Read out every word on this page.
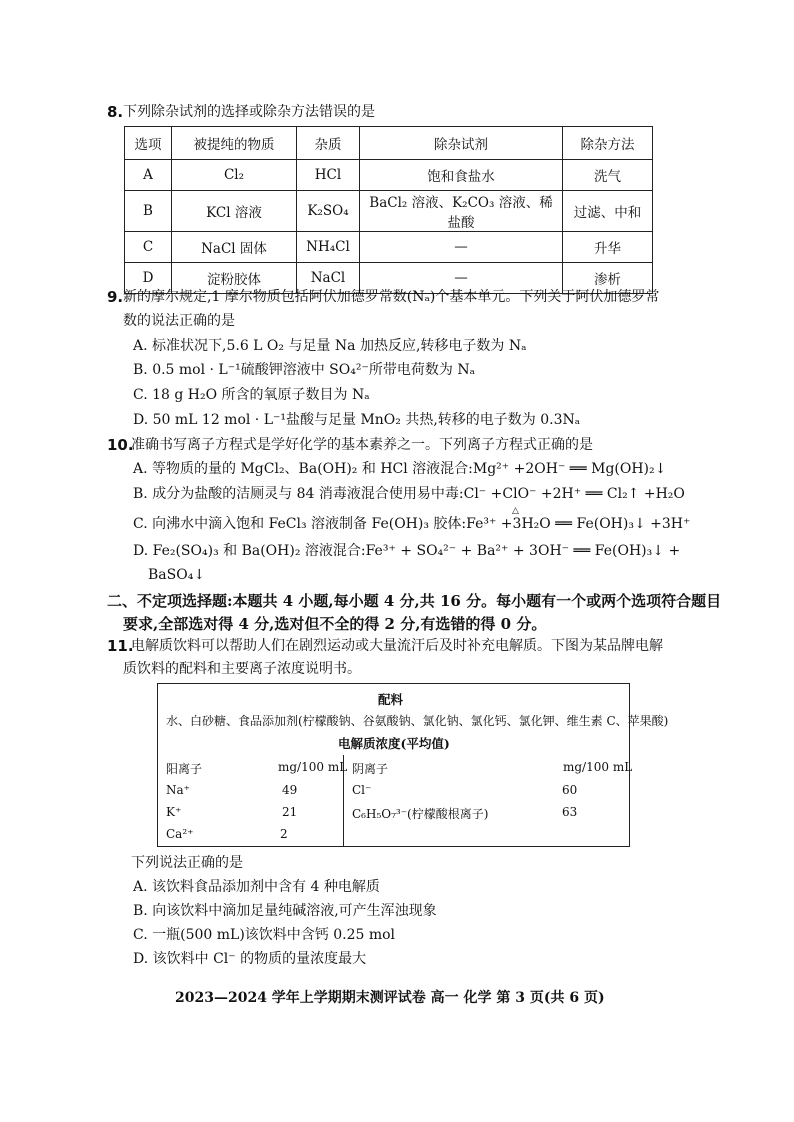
8. 下列除杂试剂的选择或除杂方法错误的是
选项	被提纯的物质	杂质	除杂试剂	除杂方法
A	Cl₂	HCl	饱和食盐水	洗气
B	KCl 溶液	K₂SO₄	BaCl₂ 溶液、K₂CO₃ 溶液、稀盐酸	过滤、中和
C	NaCl 固体	NH₄Cl	—	升华
D	淀粉胶体	NaCl	—	渗析
9. 新的摩尔规定,1 摩尔物质包括阿伏加德罗常数(Nₐ)个基本单元。下列关于阿伏加德罗常
数的说法正确的是
A. 标准状况下,5.6 L O₂ 与足量 Na 加热反应,转移电子数为 Nₐ
B. 0.5 mol · L⁻¹硫酸钾溶液中 SO₄²⁻所带电荷数为 Nₐ
C. 18 g H₂O 所含的氧原子数目为 Nₐ
D. 50 mL 12 mol · L⁻¹盐酸与足量 MnO₂ 共热,转移的电子数为 0.3Nₐ
10.
准确书写离子方程式是学好化学的基本素养之一。下列离子方程式正确的是
A. 等物质的量的 MgCl₂、Ba(OH)₂ 和 HCl 溶液混合:Mg²⁺ +2OH⁻ ══ Mg(OH)₂↓
B. 成分为盐酸的洁厕灵与 84 消毒液混合使用易中毒:Cl⁻ +ClO⁻ +2H⁺ ══ Cl₂↑ +H₂O
△
C. 向沸水中滴入饱和 FeCl₃ 溶液制备 Fe(OH)₃ 胶体:Fe³⁺ +3H₂O ══ Fe(OH)₃↓ +3H⁺
D. Fe₂(SO₄)₃ 和 Ba(OH)₂ 溶液混合:Fe³⁺ + SO₄²⁻ + Ba²⁺ + 3OH⁻ ══ Fe(OH)₃↓ +
BaSO₄↓
二、不定项选择题:本题共 4 小题,每小题 4 分,共 16 分。每小题有一个或两个选项符合题目
要求,全部选对得 4 分,选对但不全的得 2 分,有选错的得 0 分。
11.
电解质饮料可以帮助人们在剧烈运动或大量流汗后及时补充电解质。下图为某品牌电解
质饮料的配料和主要离子浓度说明书。
配料
水、白砂糖、食品添加剂(柠檬酸钠、谷氨酸钠、氯化钠、氯化钙、氯化钾、维生素 C、苹果酸)
电解质浓度(平均值)
阳离子	mg/100 mL
Na⁺	49
K⁺	21
Ca²⁺	2
阴离子	mg/100 mL
Cl⁻	60
C₆H₅O₇³⁻(柠檬酸根离子)	63
下列说法正确的是
A. 该饮料食品添加剂中含有 4 种电解质
B. 向该饮料中滴加足量纯碱溶液,可产生浑浊现象
C. 一瓶(500 mL)该饮料中含钙 0.25 mol
D. 该饮料中 Cl⁻ 的物质的量浓度最大
2023—2024 学年上学期期末测评试卷 高一 化学 第 3 页(共 6 页)
